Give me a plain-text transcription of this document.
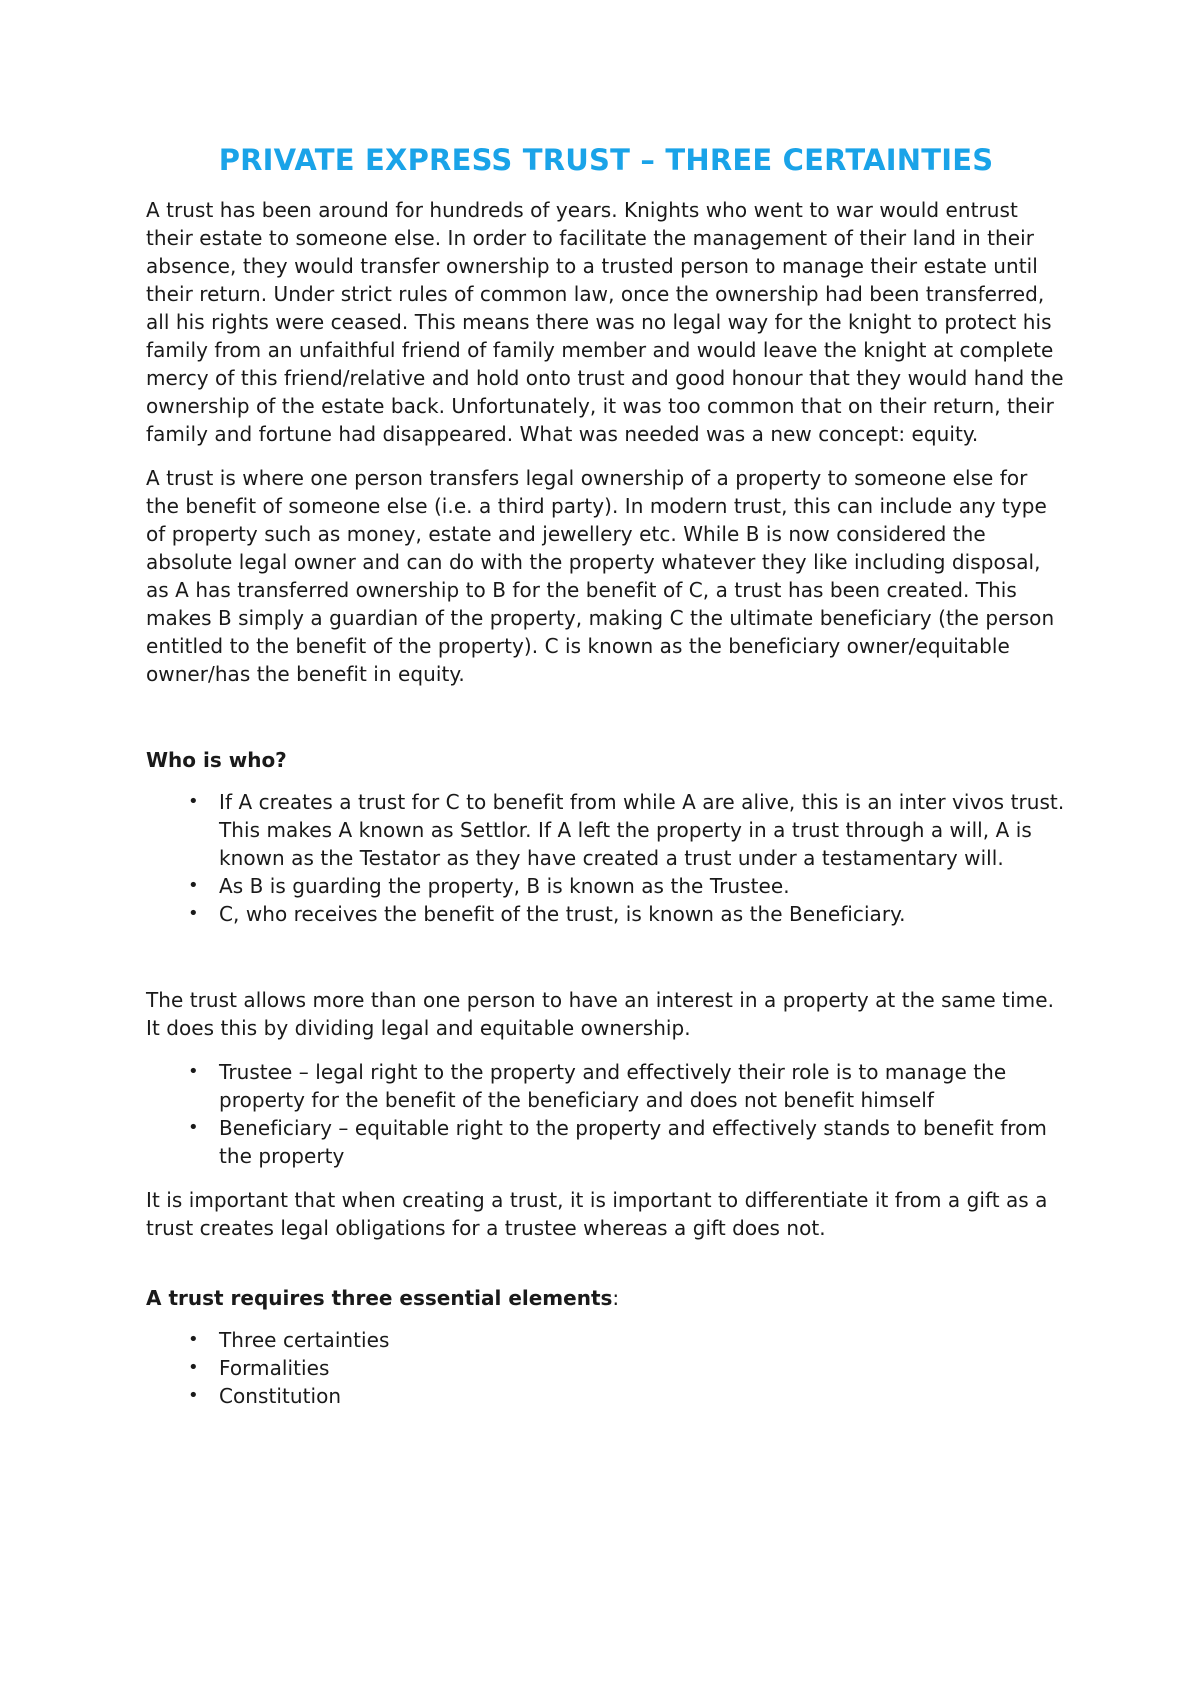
PRIVATE EXPRESS TRUST – THREE CERTAINTIES

A trust has been around for hundreds of years. Knights who went to war would entrust their estate to someone else. In order to facilitate the management of their land in their absence, they would transfer ownership to a trusted person to manage their estate until their return. Under strict rules of common law, once the ownership had been transferred, all his rights were ceased. This means there was no legal way for the knight to protect his family from an unfaithful friend of family member and would leave the knight at complete mercy of this friend/relative and hold onto trust and good honour that they would hand the ownership of the estate back. Unfortunately, it was too common that on their return, their family and fortune had disappeared. What was needed was a new concept: equity.

A trust is where one person transfers legal ownership of a property to someone else for the benefit of someone else (i.e. a third party). In modern trust, this can include any type of property such as money, estate and jewellery etc. While B is now considered the absolute legal owner and can do with the property whatever they like including disposal, as A has transferred ownership to B for the benefit of C, a trust has been created. This makes B simply a guardian of the property, making C the ultimate beneficiary (the person entitled to the benefit of the property). C is known as the beneficiary owner/equitable owner/has the benefit in equity.

Who is who?
• If A creates a trust for C to benefit from while A are alive, this is an inter vivos trust. This makes A known as Settlor. If A left the property in a trust through a will, A is known as the Testator as they have created a trust under a testamentary will.
• As B is guarding the property, B is known as the Trustee.
• C, who receives the benefit of the trust, is known as the Beneficiary.

The trust allows more than one person to have an interest in a property at the same time. It does this by dividing legal and equitable ownership.

• Trustee – legal right to the property and effectively their role is to manage the property for the benefit of the beneficiary and does not benefit himself
• Beneficiary – equitable right to the property and effectively stands to benefit from the property

It is important that when creating a trust, it is important to differentiate it from a gift as a trust creates legal obligations for a trustee whereas a gift does not.

A trust requires three essential elements:
• Three certainties
• Formalities
• Constitution
